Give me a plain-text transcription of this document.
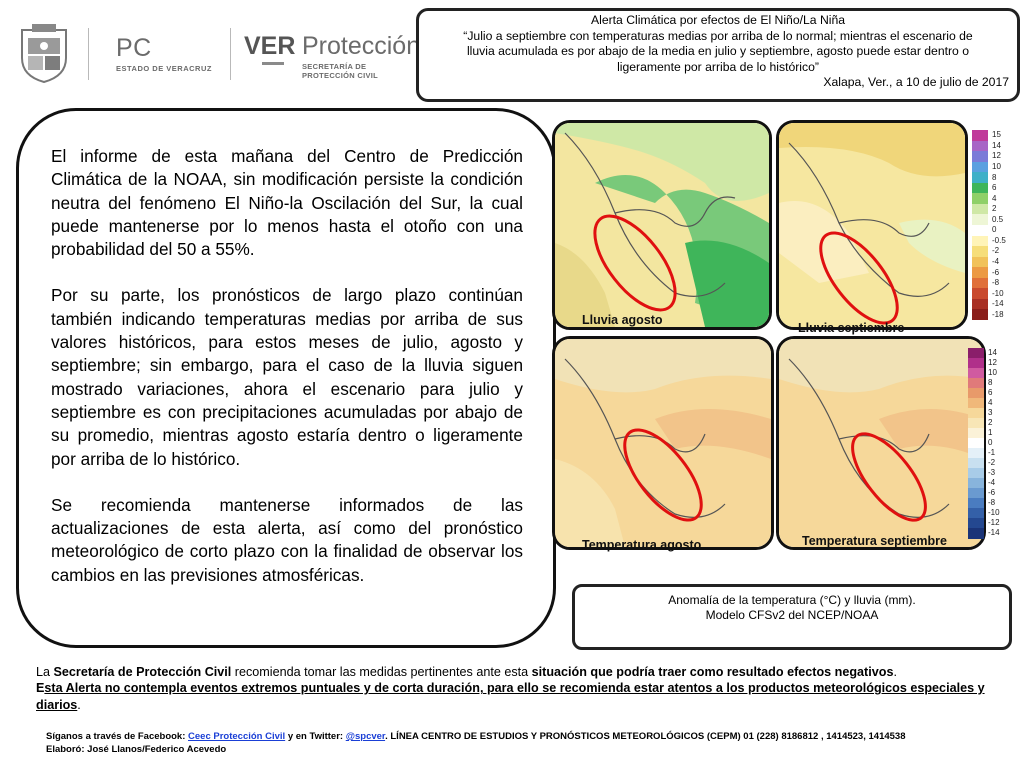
PC
ESTADO DE VERACRUZ
VER Protección
SECRETARÍA DE
PROTECCIÓN CIVIL
Alerta Climática por efectos de El Niño/La Niña
“Julio a septiembre con temperaturas medias por arriba de lo normal; mientras el escenario de
lluvia acumulada es por abajo de la media en julio y septiembre, agosto puede estar dentro o
ligeramente por arriba de lo histórico”
Xalapa, Ver., a 10 de julio de 2017

El informe de esta mañana del Centro de Predicción Climática de la NOAA, sin modificación persiste la condición neutra del fenómeno El Niño-la Oscilación del Sur, la cual puede mantenerse por lo menos hasta el otoño con una probabilidad del 50 a 55%.

Por su parte, los pronósticos de largo plazo continúan también indicando temperaturas medias por arriba de sus valores históricos, para estos meses de julio, agosto y septiembre; sin embargo, para el caso de la lluvia siguen mostrado variaciones, ahora el escenario para julio y septiembre es con precipitaciones acumuladas por abajo de su promedio, mientras agosto estaría dentro o ligeramente por arriba de lo histórico.

Se recomienda mantenerse informados de las actualizaciones de esta alerta, así como del pronóstico meteorológico de corto plazo con la finalidad de observar los cambios en las previsiones atmosféricas.

Lluvia agosto
Lluvia septiembre
Temperatura agosto	Temperatura septiembre
15
14
12
10
8
6
4
2
0.5
0
-0.5
-2
-4
-6
-8
-10
-14
-18
14
12
10
8
6
4
3
2
1
0
-1
-2
-3
-4
-6
-8
-10
-12
-14
Anomalía de la temperatura (°C) y lluvia (mm).
Modelo CFSv2 del NCEP/NOAA
La Secretaría de Protección Civil recomienda tomar las medidas pertinentes ante esta situación que podría traer como resultado efectos negativos.
Esta Alerta no contempla eventos extremos puntuales y de corta duración, para ello se recomienda estar atentos a los productos meteorológicos especiales y diarios.
Síganos a través de Facebook: Ceec Protección Civil y en Twitter: @spcver. LÍNEA CENTRO DE ESTUDIOS Y PRONÓSTICOS METEOROLÓGICOS (CEPM) 01 (228) 8186812 , 1414523, 1414538
Elaboró: José Llanos/Federico Acevedo
